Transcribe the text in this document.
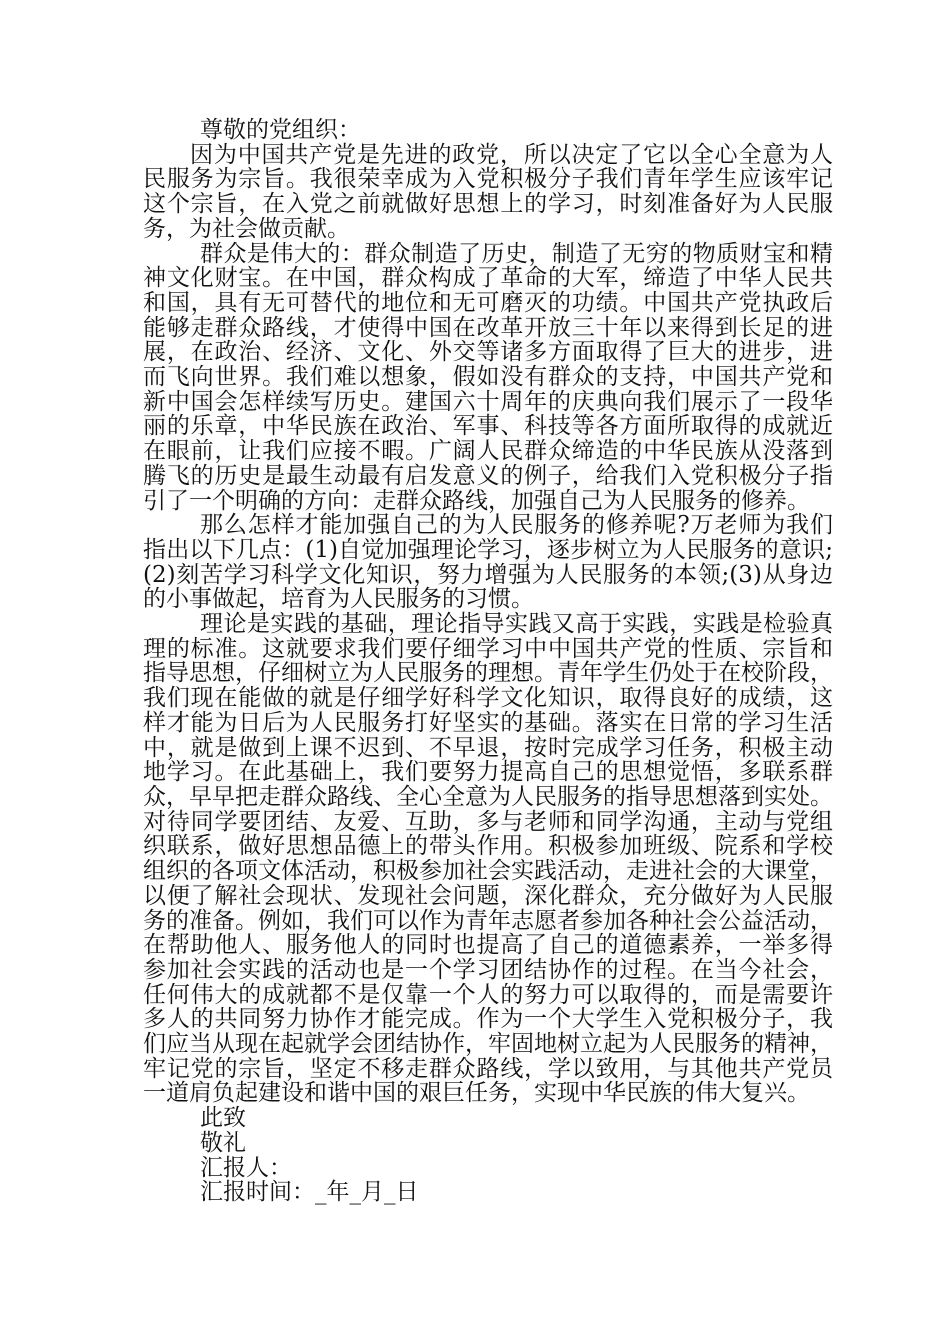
尊敬的党组织：
因为中国共产党是先进的政党，所以决定了它以全心全意为人
民服务为宗旨。我很荣幸成为入党积极分子我们青年学生应该牢记
这个宗旨，在入党之前就做好思想上的学习，时刻准备好为人民服
务，为社会做贡献。
群众是伟大的：群众制造了历史，制造了无穷的物质财宝和精
神文化财宝。在中国，群众构成了革命的大军，缔造了中华人民共
和国，具有无可替代的地位和无可磨灭的功绩。中国共产党执政后
能够走群众路线，才使得中国在改革开放三十年以来得到长足的进
展，在政治、经济、文化、外交等诸多方面取得了巨大的进步，进
而飞向世界。我们难以想象，假如没有群众的支持，中国共产党和
新中国会怎样续写历史。建国六十周年的庆典向我们展示了一段华
丽的乐章，中华民族在政治、军事、科技等各方面所取得的成就近
在眼前，让我们应接不暇。广阔人民群众缔造的中华民族从没落到
腾飞的历史是最生动最有启发意义的例子，给我们入党积极分子指
引了一个明确的方向：走群众路线，加强自己为人民服务的修养。
那么怎样才能加强自己的为人民服务的修养呢?万老师为我们
指出以下几点：(1)自觉加强理论学习，逐步树立为人民服务的意识;
(2)刻苦学习科学文化知识，努力增强为人民服务的本领;(3)从身边
的小事做起，培育为人民服务的习惯。
理论是实践的基础，理论指导实践又高于实践，实践是检验真
理的标准。这就要求我们要仔细学习中中国共产党的性质、宗旨和
指导思想，仔细树立为人民服务的理想。青年学生仍处于在校阶段，
我们现在能做的就是仔细学好科学文化知识，取得良好的成绩，这
样才能为日后为人民服务打好坚实的基础。落实在日常的学习生活
中，就是做到上课不迟到、不早退，按时完成学习任务，积极主动
地学习。在此基础上，我们要努力提高自己的思想觉悟，多联系群
众，早早把走群众路线、全心全意为人民服务的指导思想落到实处。
对待同学要团结、友爱、互助，多与老师和同学沟通，主动与党组
织联系，做好思想品德上的带头作用。积极参加班级、院系和学校
组织的各项文体活动，积极参加社会实践活动，走进社会的大课堂，
以便了解社会现状、发现社会问题，深化群众，充分做好为人民服
务的准备。例如，我们可以作为青年志愿者参加各种社会公益活动，
在帮助他人、服务他人的同时也提高了自己的道德素养，一举多得
参加社会实践的活动也是一个学习团结协作的过程。在当今社会，
任何伟大的成就都不是仅靠一个人的努力可以取得的，而是需要许
多人的共同努力协作才能完成。作为一个大学生入党积极分子，我
们应当从现在起就学会团结协作，牢固地树立起为人民服务的精神，
牢记党的宗旨，坚定不移走群众路线，学以致用，与其他共产党员
一道肩负起建设和谐中国的艰巨任务，实现中华民族的伟大复兴。
此致
敬礼
汇报人：
汇报时间：_年_月_日
